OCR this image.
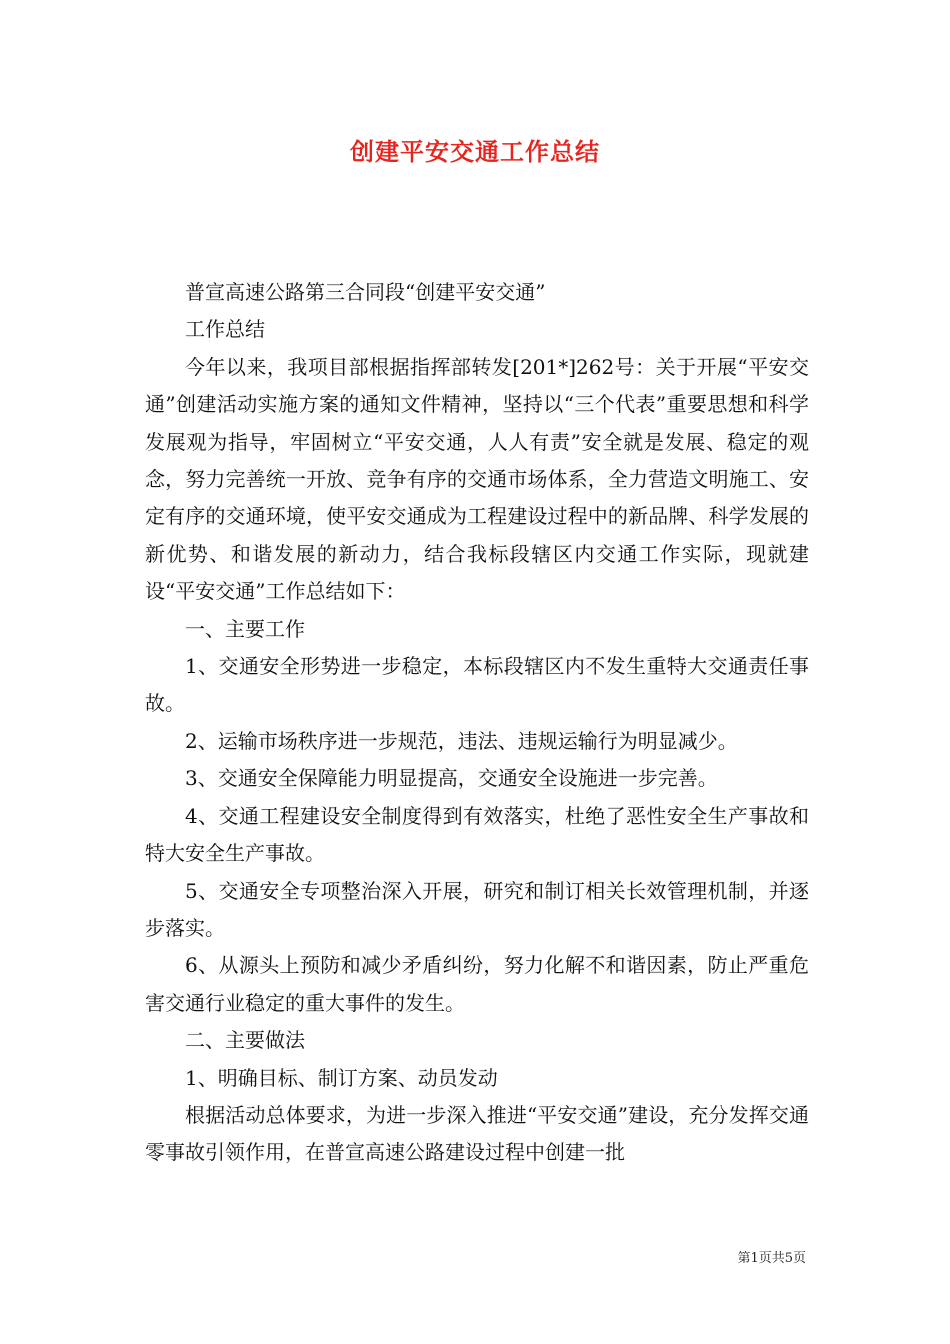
创建平安交通工作总结

普宣高速公路第三合同段“创建平安交通”

工作总结

今年以来，我项目部根据指挥部转发[201*]262号：关于开展“平安交通”创建活动实施方案的通知文件精神，坚持以“三个代表”重要思想和科学发展观为指导，牢固树立“平安交通，人人有责”安全就是发展、稳定的观念，努力完善统一开放、竞争有序的交通市场体系，全力营造文明施工、安定有序的交通环境，使平安交通成为工程建设过程中的新品牌、科学发展的新优势、和谐发展的新动力，结合我标段辖区内交通工作实际，现就建设“平安交通”工作总结如下：

一、主要工作

1、交通安全形势进一步稳定，本标段辖区内不发生重特大交通责任事故。

2、运输市场秩序进一步规范，违法、违规运输行为明显减少。

3、交通安全保障能力明显提高，交通安全设施进一步完善。

4、交通工程建设安全制度得到有效落实，杜绝了恶性安全生产事故和特大安全生产事故。

5、交通安全专项整治深入开展，研究和制订相关长效管理机制，并逐步落实。

6、从源头上预防和减少矛盾纠纷，努力化解不和谐因素，防止严重危害交通行业稳定的重大事件的发生。

二、主要做法

1、明确目标、制订方案、动员发动

根据活动总体要求，为进一步深入推进“平安交通”建设，充分发挥交通零事故引领作用，在普宣高速公路建设过程中创建一批

第1页共5页
